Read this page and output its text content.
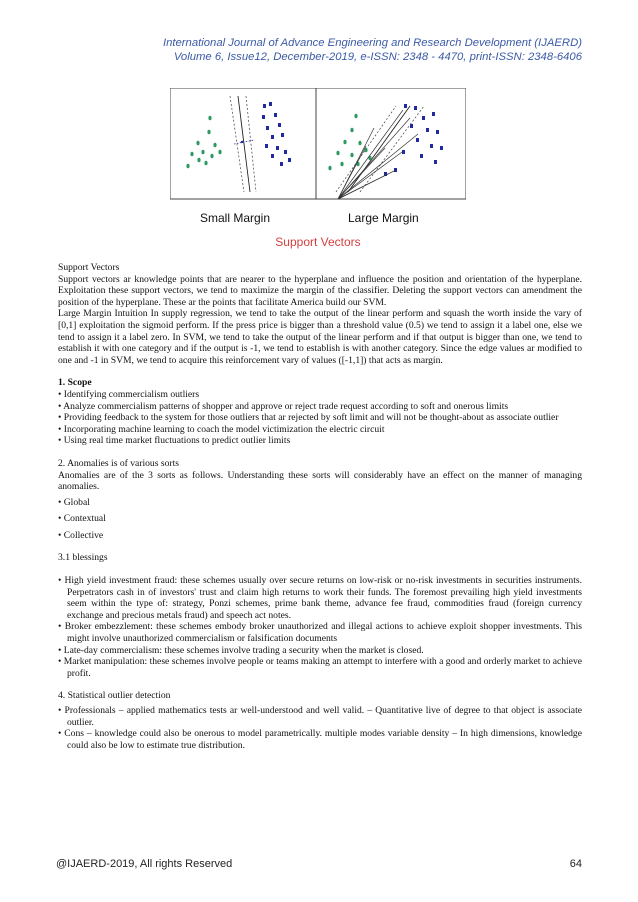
International Journal of Advance Engineering and Research Development (IJAERD)
Volume 6, Issue12, December-2019, e-ISSN: 2348 - 4470, print-ISSN: 2348-6406
Small Margin	Large Margin
Support Vectors

Support Vectors

Support vectors ar knowledge points that are nearer to the hyperplane and influence the position and orientation of the hyperplane. Exploitation these support vectors, we tend to maximize the margin of the classifier. Deleting the support vectors can amendment the position of the hyperplane. These ar the points that facilitate America build our SVM.

Large Margin Intuition In supply regression, we tend to take the output of the linear perform and squash the worth inside the vary of [0,1] exploitation the sigmoid perform. If the press price is bigger than a threshold value (0.5) we tend to assign it a label one, else we tend to assign it a label zero. In SVM, we tend to take the output of the linear perform and if that output is bigger than one, we tend to establish it with one category and if the output is -1, we tend to establish is with another category. Since the edge values ar modified to one and -1 in SVM, we tend to acquire this reinforcement vary of values ([-1,1]) that acts as margin.

1. Scope

• Identifying commercialism outliers

• Analyze commercialism patterns of shopper and approve or reject trade request according to soft and onerous limits

• Providing feedback to the system for those outliers that ar rejected by soft limit and will not be thought-about as associate outlier

• Incorporating machine learning to coach the model victimization the electric circuit

• Using real time market fluctuations to predict outlier limits

2. Anomalies is of various sorts

Anomalies are of the 3 sorts as follows. Understanding these sorts will considerably have an effect on the manner of managing anomalies.

• Global

• Contextual

• Collective

3.1 blessings

• High yield investment fraud: these schemes usually over secure returns on low-risk or no-risk investments in securities instruments. Perpetrators cash in of investors' trust and claim high returns to work their funds. The foremost prevailing high yield investments seem within the type of: strategy, Ponzi schemes, prime bank theme, advance fee fraud, commodities fraud (foreign currency exchange and precious metals fraud) and speech act notes.

• Broker embezzlement: these schemes embody broker unauthorized and illegal actions to achieve exploit shopper investments. This might involve unauthorized commercialism or falsification documents

• Late-day commercialism: these schemes involve trading a security when the market is closed.

• Market manipulation: these schemes involve people or teams making an attempt to interfere with a good and orderly market to achieve profit.

4. Statistical outlier detection

• Professionals – applied mathematics tests ar well-understood and well valid. – Quantitative live of degree to that object is associate outlier.

• Cons – knowledge could also be onerous to model parametrically. multiple modes variable density – In high dimensions, knowledge could also be low to estimate true distribution.

@IJAERD-2019, All rights Reserved	64
